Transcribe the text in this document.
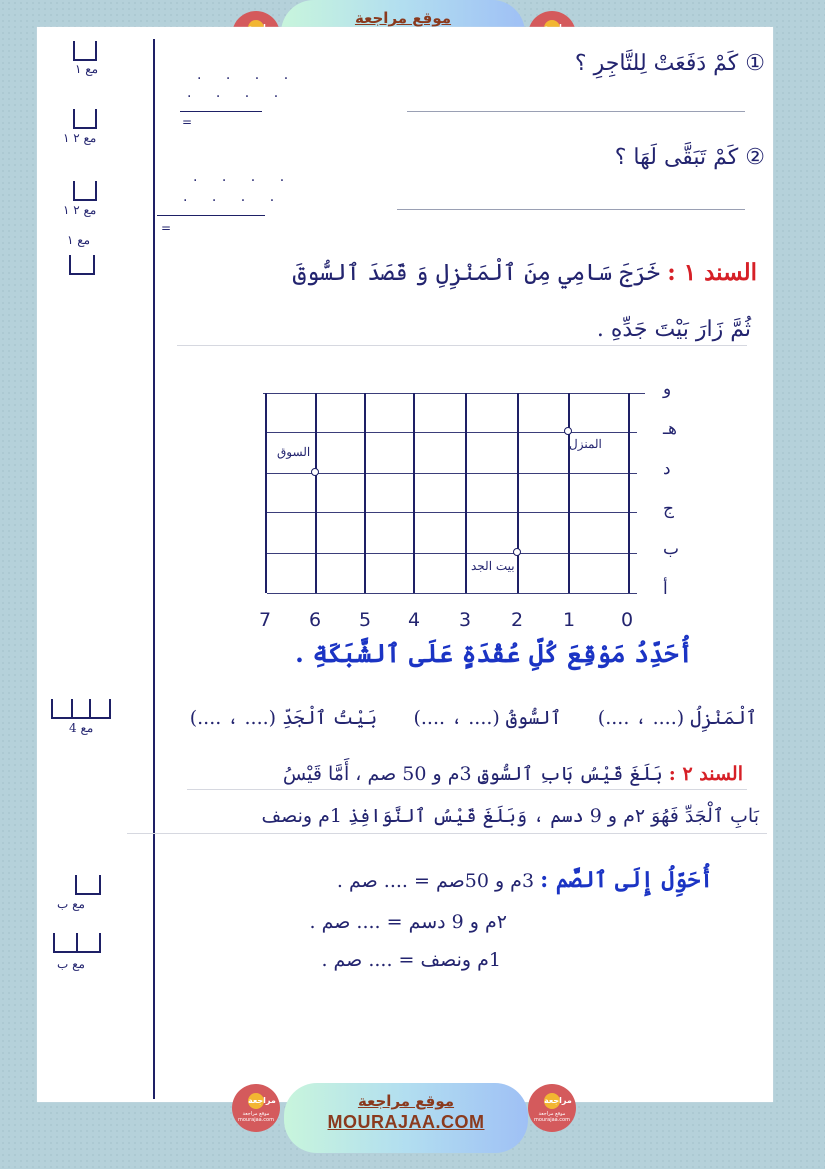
موقع مراجعة
مع ١
مع ٢ ١
مع ٢ ١
مع ١
مع 4
مع ب
مع ب
① كَمْ دَفَعَتْ لِلتَّاجِرِ ؟
. . . .
. . . .
=
② كَمْ تَبَقَّى لَهَا ؟
. . . .
. . . .
=
السند ١ : خَرَجَ سَامِي مِنَ ٱلْمَنْزِلِ وَ قَصَدَ ٱلسُّوقَ
ثُمَّ زَارَ بَيْتَ جَدِّهِ .
المنزل
السوق
بيت الجد
7 6 5 4 3 2 1 0
و
هـ
د
ج
ب
أ
أُحَدِّدُ مَوْقِعَ كُلِّ عُقْدَةٍ عَلَى ٱلشَّبَكَةِ .
ٱلْمَنْزِلُ (.... ، ....)      ٱلسُّوقُ (.... ، ....)      بَيْتُ ٱلْجَدِّ (.... ، ....)
السند ٢ : بَلَغَ قَيْسُ بَابِ ٱلسُّوقِ 3م و 50 صم ، أَمَّا قَيْسُ
بَابِ ٱلْجَدِّ فَهُوَ ٢م و 9 دسم ، وَبَلَغَ قَيْسُ ٱلنَّوَافِذِ 1م ونصف
أُحَوِّلُ إِلَى ٱلصَّم : 3م و 50صم = .... صم .
٢م و 9 دسم = .... صم .
1م ونصف = .... صم .
مراجعة
موقع مراجعة mourajaa.com
موقع مراجعة
MOURAJAA.COM
مراجعة
موقع مراجعة mourajaa.com
